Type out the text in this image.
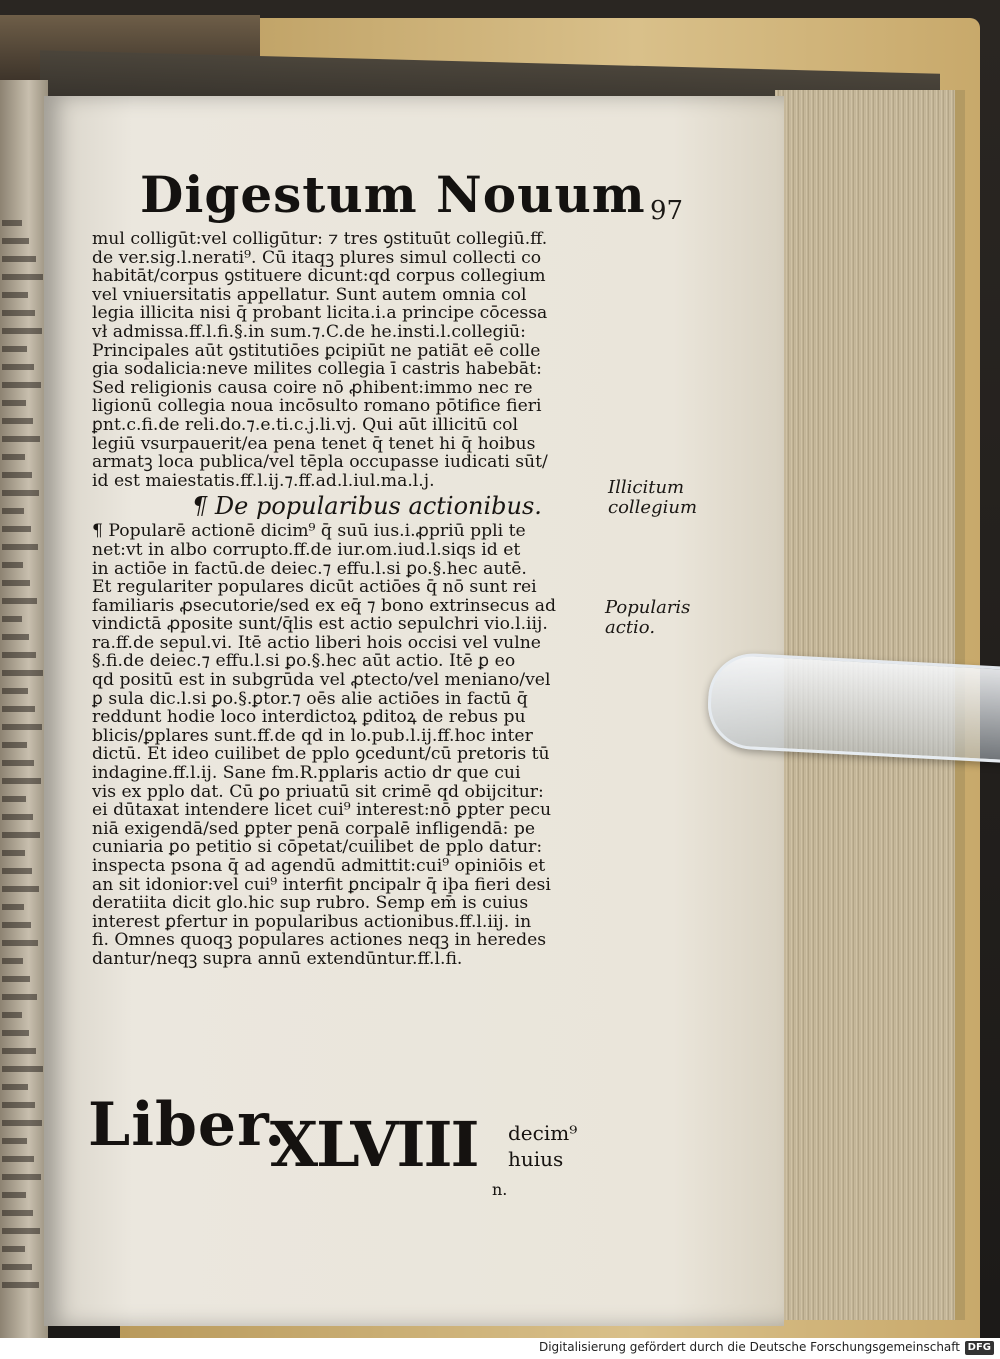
Digestum Nouum 97
mul colligūt:vel colligūtur: ⁊ tres ꝯstituūt collegiū.ff.
de ver.sig.l.nerati⁹. Cū itaqꝫ plures simul collecti co
habitāt/corpus ꝯstituere dicunt:qḋ corpus collegium
vel vniuersitatis appellatur. Sunt autem omnia col
legia illicita nisi q̄ probant licita.i.a principe cōcessa
vł admissa.ff.l.fi.§.in sum.⁊.C.de he.insti.l.collegiū:
Principales aūt ꝯstitutiōes ꝑcipiūt ne patiāt eē colle
gia sodalicia:neve milites collegia ī castris habebāt:
Sed religionis causa coire nō ꝓhibent:immo nec re
ligionū collegia noua incōsulto romano pōtifice fieri
ꝑnt.c.fi.de reli.do.⁊.e.ti.c.j.li.vj. Qui aūt illicitū col
legiū vsurpauerit/ea pena tenet q̄ tenet hi q̄ hoibus
armatꝫ loca publica/vel tēpla occupasse iudicati sūt/
id est maiestatis.ff.l.ij.⁊.ff.ad.l.iul.ma.l.j.
¶ De popularibus actionibus.
¶ Popularē actionē dicim⁹ q̄ suū ius.i.ꝓpriū ppli te
net:vt in albo corrupto.ff.de iur.om.iud.l.siqs id et
in actiōe in factū.de deiec.⁊ effu.l.si ꝑo.§.hec autē.
Et regulariter populares dicūt actiōes q̄ nō sunt rei
familiaris ꝓsecutorie/sed ex eq̄ ⁊ bono extrinsecus ad
vindictā ꝓposite sunt/q̄lis est actio sepulchri vio.l.iij.
ra.ff.de sepul.vi. Itē actio liberi hois occisi vel vulne
§.fi.de deiec.⁊ effu.l.si ꝑo.§.hec aūt actio. Itē ꝑ eo
qḋ positū est in subgrūda vel ꝓtecto/vel meniano/vel
ꝑ sula dic.l.si ꝑo.§.ꝑtor.⁊ oēs alie actiōes in factū q̄
reddunt hodie loco interdictoꝝ ꝑditoꝝ de rebus pu
blicis/ꝑplares sunt.ff.de qḋ in lo.pub.l.ij.ff.hoc inter
dictū. Et ideo cuilibet de pplo ꝯcedunt/cū pretoris tū
indagine.ff.l.ij. Sane fm.R.pplaris actio dr que cui
vis ex pplo dat. Cū ꝑo priuatū sit crimē qḋ obijcitur:
ei dūtaxat intendere licet cui⁹ interest:nō ꝑpter pecu
niā exigendā/sed ꝑpter penā corpalē infligendā: pe
cuniaria ꝑo petitio si cōpetat/cuilibet de pplo datur:
inspecta psona q̄ ad agendū admittit:cui⁹ opiniōis et
an sit idonior:vel cui⁹ interfit ꝑncipalr q̄ iþa fieri desi
deratiita dicit glo.hic sup rubro. Semp em̄ is cuius
interest ꝑfertur in popularibus actionibus.ff.l.iij. in
fi. Omnes quoqꝫ populares actiones neqꝫ in heredes
dantur/neqꝫ supra annū extendūntur.ff.l.fi.
Illicitum
collegium
Popularis
actio.
Liber.
XLVIII decim⁹
huius
n.
Digitalisierung gefördert durch die Deutsche Forschungsgemeinschaft DFG
